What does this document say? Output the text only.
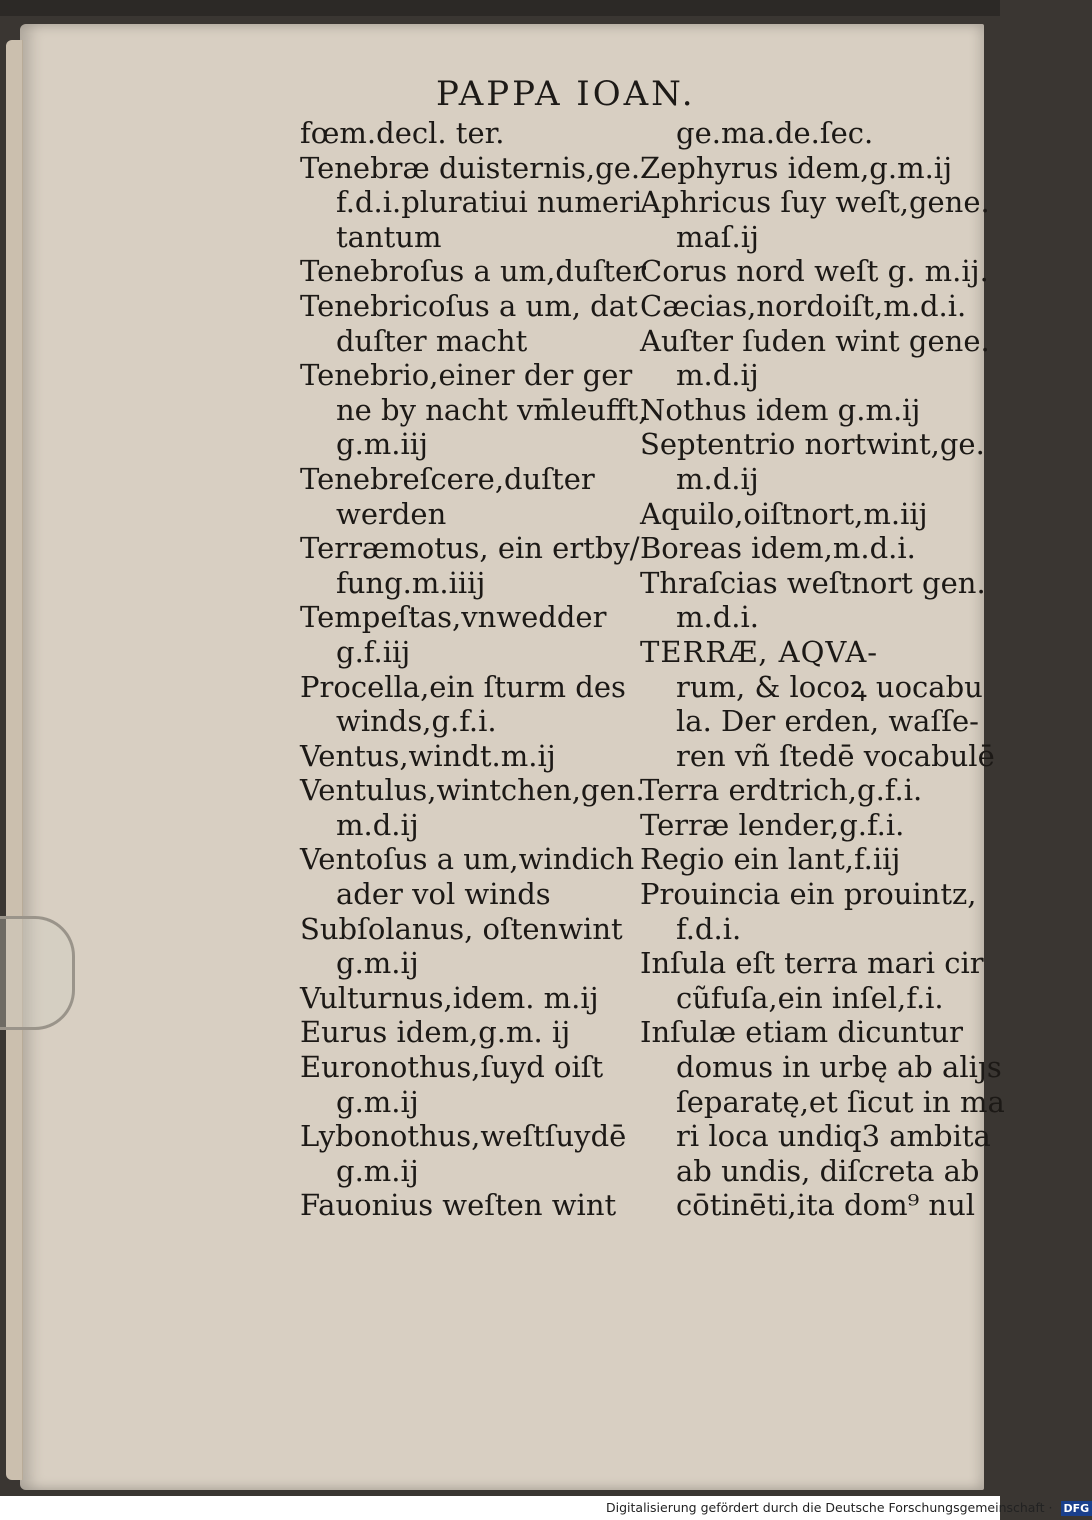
PAPPA IOAN.
fœm.decl. ter.
Tenebræ duisternis,ge.
f.d.i.pluratiui numeri
tantum
Tenebroſus a um,duſter
Tenebricoſus a um, dat
duſter macht
Tenebrio,einer der ger
ne by nacht vm̄leufft,
g.m.iij
Tenebreſcere,duſter
werden
Terræmotus, ein ertby/
fung.m.iiij
Tempeſtas,vnwedder
g.f.iij
Procella,ein ſturm des
winds,g.f.i.
Ventus,windt.m.ij
Ventulus,wintchen,gen.
m.d.ij
Ventoſus a um,windich
ader vol winds
Subſolanus, oſtenwint
g.m.ij
Vulturnus,idem. m.ij
Eurus idem,g.m. ij
Euronothus,ſuyd oiſt
g.m.ij
Lybonothus,weſtſuydē
g.m.ij
Fauonius weſten wint
ge.ma.de.ſec.
Zephyrus idem,g.m.ij
Aphricus ſuy weſt,gene.
maſ.ij
Corus nord weſt g. m.ij.
Cæcias,nordoiſt,m.d.i.
Auſter ſuden wint gene.
m.d.ij
Nothus idem g.m.ij
Septentrio nortwint,ge.
m.d.ij
Aquilo,oiſtnort,m.iij
Boreas idem,m.d.i.
Thraſcias weſtnort gen.
m.d.i.
TERRÆ, AQVA-
rum, & locoꝝ uocabu
la. Der erden, waſſe-
ren vñ ſtedē vocabulē
Terra erdtrich,g.f.i.
Terræ lender,g.f.i.
Regio ein lant,f.iij
Prouincia ein prouintz,
f.d.i.
Inſula eſt terra mari cir
cũfuſa,ein inſel,f.i.
Inſulæ etiam dicuntur
domus in urbę ab aliȷs
ſeparatę,et ſicut in ma
ri loca undiq3 ambita
ab undis, diſcreta ab
cōtinēti,ita dom⁹ nul
Digitalisierung gefördert durch die Deutsche Forschungsgemeinschaft · DFG
